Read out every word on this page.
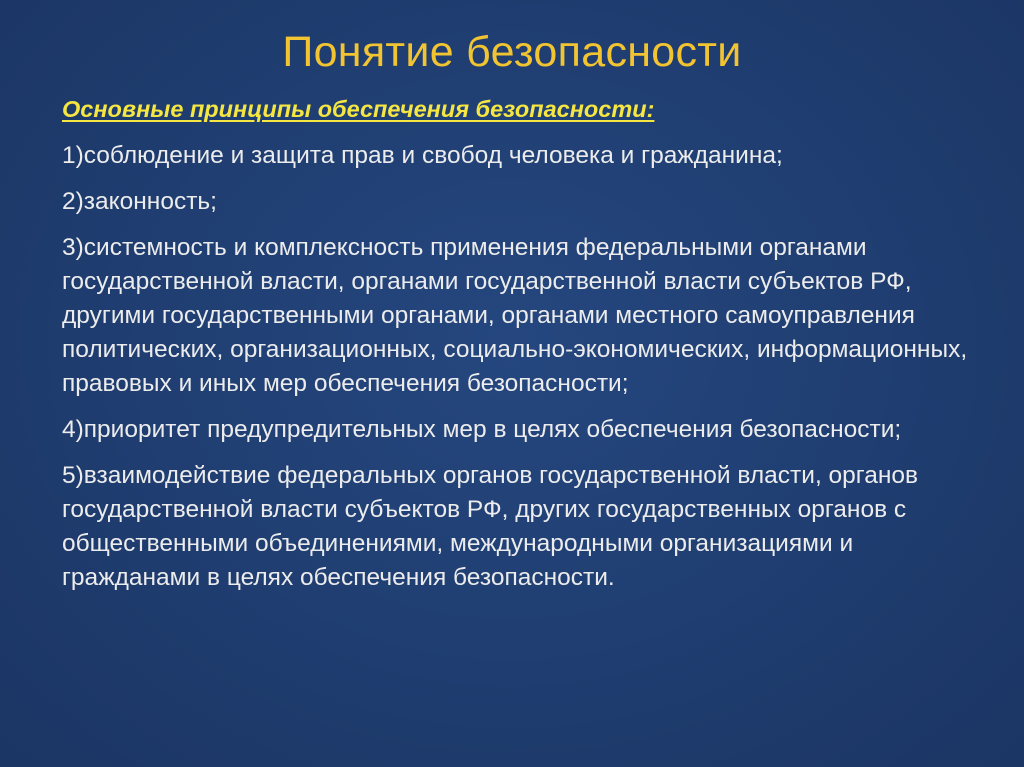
Понятие безопасности
Основные принципы обеспечения безопасности:
1)соблюдение и защита прав и свобод человека и гражданина;
2)законность;
3)системность и комплексность применения федеральными органами государственной власти, органами государственной власти субъектов РФ, другими государственными органами, органами местного самоуправления политических, организационных, социально-экономических, информационных, правовых и иных мер обеспечения безопасности;
4)приоритет предупредительных мер в целях обеспечения безопасности;
5)взаимодействие федеральных органов государственной власти, органов государственной власти субъектов РФ, других государственных органов с общественными объединениями, международными организациями и гражданами в целях обеспечения безопасности.
